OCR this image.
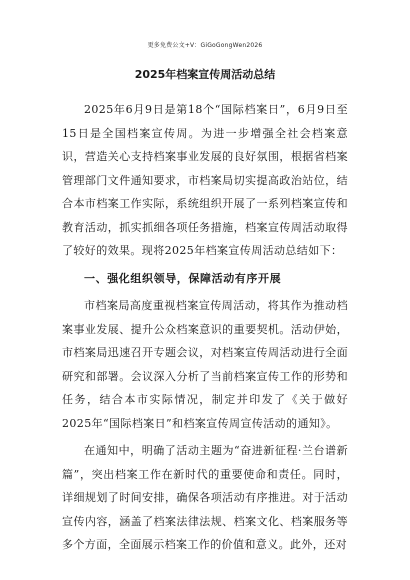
更多免费公文+V：GiGoGongWen2026
2025年档案宣传周活动总结

2025年6月9日是第18个“国际档案日”，6月9日至15日是全国档案宣传周。为进一步增强全社会档案意识，营造关心支持档案事业发展的良好氛围，根据省档案管理部门文件通知要求，市档案局切实提高政治站位，结合本市档案工作实际，系统组织开展了一系列档案宣传和教育活动，抓实抓细各项任务措施，档案宣传周活动取得了较好的效果。现将2025年档案宣传周活动总结如下：

一、强化组织领导，保障活动有序开展

市档案局高度重视档案宣传周活动，将其作为推动档案事业发展、提升公众档案意识的重要契机。活动伊始，市档案局迅速召开专题会议，对档案宣传周活动进行全面研究和部署。会议深入分析了当前档案宣传工作的形势和任务，结合本市实际情况，制定并印发了《关于做好2025年“国际档案日”和档案宣传周宣传活动的通知》。

在通知中，明确了活动主题为“奋进新征程·兰台谱新篇”，突出档案工作在新时代的重要使命和责任。同时，详细规划了时间安排，确保各项活动有序推进。对于活动宣传内容，涵盖了档案法律法规、档案文化、档案服务等多个方面，全面展示档案工作的价值和意义。此外，还对
